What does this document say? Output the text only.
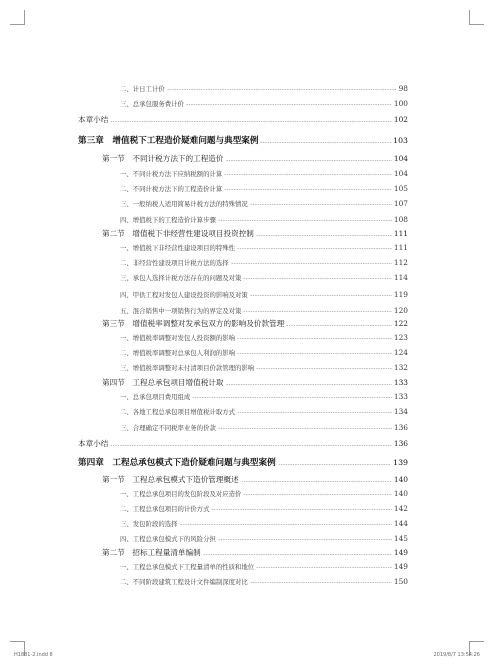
二、计日工计价	98
三、总承包服务费计价	100
本章小结	102
第三章　增值税下工程造价疑难问题与典型案例	103
第一节　不同计税方法下的工程造价	104
一、不同计税方法下应纳税额的计算	104
二、不同计税方法下的工程造价计算	105
三、一般纳税人适用简易计税方法的特殊情况	107
四、增值税下的工程造价计算步骤	108
第二节　增值税下非经营性建设项目投资控制	111
一、增值税下非经营性建设项目的特殊性	111
二、非经营性建设项目计税方法的选择	112
三、承包人选择计税方法存在的问题及对策	114
四、甲供工程对发包人建设投资的影响及对策	119
五、混合销售中一项销售行为的界定及对策	120
第三节　增值税率调整对发承包双方的影响及价款管理	122
一、增值税率调整对发包人投资额的影响	123
二、增值税率调整对总承包人利润的影响	124
三、增值税率调整对未付清项目价款管理的影响	132
第四节　工程总承包项目增值税计取	133
一、总承包项目费用组成	133
二、各地工程总承包项目增值税计取方式	134
三、合理确定不同税率业务的价款	136
本章小结	136
第四章　工程总承包模式下造价疑难问题与典型案例	139
第一节　工程总承包模式下造价管理概述	140
一、工程总承包项目的发包阶段及对应造价	140
二、工程总承包项目的计价方式	142
三、发包阶段的选择	144
四、工程总承包模式下的风险分担	145
第二节　招标工程量清单编制	149
一、工程总承包模式下工程量清单的性质和地位	149
二、不同阶段建筑工程设计文件编制深度对比	150
H1881-2.indd 8	2019/8/7 13:54:26
